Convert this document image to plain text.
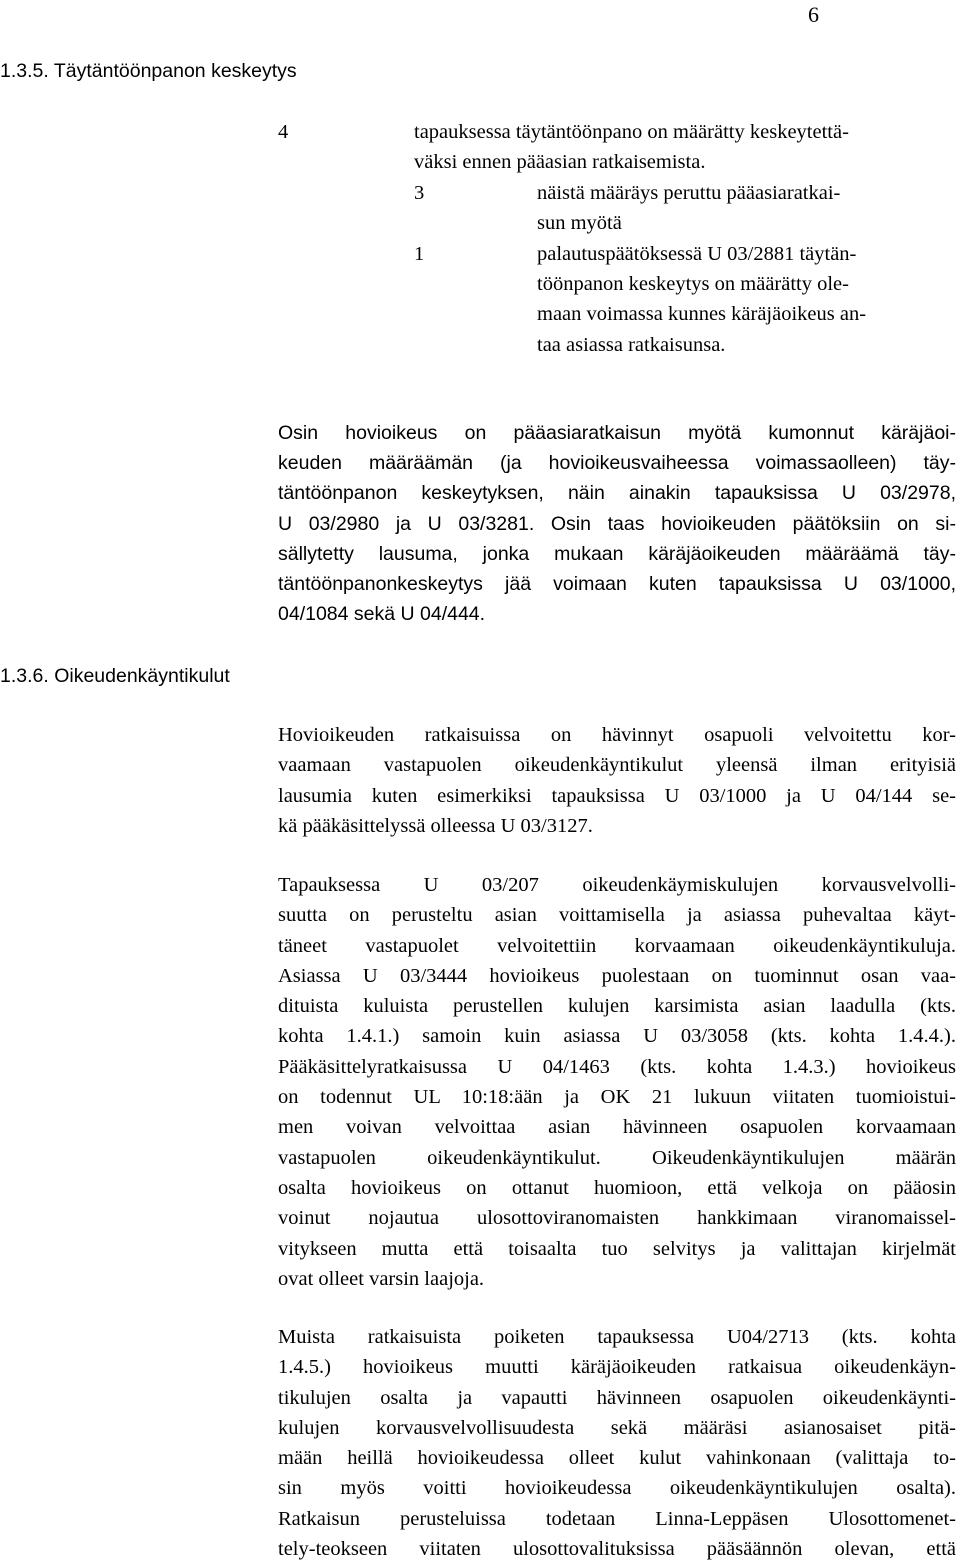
6
1.3.5. Täytäntöönpanon keskeytys
4	tapauksessa täytäntöönpano on määrätty keskeytettä-
väksi ennen pääasian ratkaisemista.
3	näistä määräys peruttu pääasiaratkai-
sun myötä
1	palautuspäätöksessä U 03/2881 täytän-
töönpanon keskeytys on määrätty ole-
maan voimassa kunnes käräjäoikeus an-
taa asiassa ratkaisunsa.
Osin hovioikeus on pääasiaratkaisun myötä kumonnut käräjäoi-
keuden määräämän (ja hovioikeusvaiheessa voimassaolleen) täy-
täntöönpanon keskeytyksen, näin ainakin tapauksissa U 03/2978,
U 03/2980 ja U 03/3281. Osin taas hovioikeuden päätöksiin on si-
sällytetty lausuma, jonka mukaan käräjäoikeuden määräämä täy-
täntöönpanonkeskeytys jää voimaan kuten tapauksissa U 03/1000,
04/1084 sekä U 04/444.
1.3.6. Oikeudenkäyntikulut
Hovioikeuden ratkaisuissa on hävinnyt osapuoli velvoitettu kor-
vaamaan vastapuolen oikeudenkäyntikulut yleensä ilman erityisiä
lausumia kuten esimerkiksi tapauksissa U 03/1000 ja U 04/144 se-
kä pääkäsittelyssä olleessa U 03/3127.
Tapauksessa U 03/207 oikeudenkäymiskulujen korvausvelvolli-
suutta on perusteltu asian voittamisella ja asiassa puhevaltaa käyt-
täneet vastapuolet velvoitettiin korvaamaan oikeudenkäyntikuluja.
Asiassa U 03/3444 hovioikeus puolestaan on tuominnut osan vaa-
dituista kuluista perustellen kulujen karsimista asian laadulla (kts.
kohta 1.4.1.) samoin kuin asiassa U 03/3058 (kts. kohta 1.4.4.).
Pääkäsittelyratkaisussa U 04/1463 (kts. kohta 1.4.3.) hovioikeus
on todennut UL 10:18:ään ja OK 21 lukuun viitaten tuomioistui-
men voivan velvoittaa asian hävinneen osapuolen korvaamaan
vastapuolen oikeudenkäyntikulut. Oikeudenkäyntikulujen määrän
osalta hovioikeus on ottanut huomioon, että velkoja on pääosin
voinut nojautua ulosottoviranomaisten hankkimaan viranomaissel-
vitykseen mutta että toisaalta tuo selvitys ja valittajan kirjelmät
ovat olleet varsin laajoja.
Muista ratkaisuista poiketen tapauksessa U04/2713 (kts. kohta
1.4.5.) hovioikeus muutti käräjäoikeuden ratkaisua oikeudenkäyn-
tikulujen osalta ja vapautti hävinneen osapuolen oikeudenkäynti-
kulujen korvausvelvollisuudesta sekä määräsi asianosaiset pitä-
mään heillä hovioikeudessa olleet kulut vahinkonaan (valittaja to-
sin myös voitti hovioikeudessa oikeudenkäyntikulujen osalta).
Ratkaisun perusteluissa todetaan Linna-Leppäsen Ulosottomenet-
tely-teokseen viitaten ulosottovalituksissa pääsäännön olevan, että
